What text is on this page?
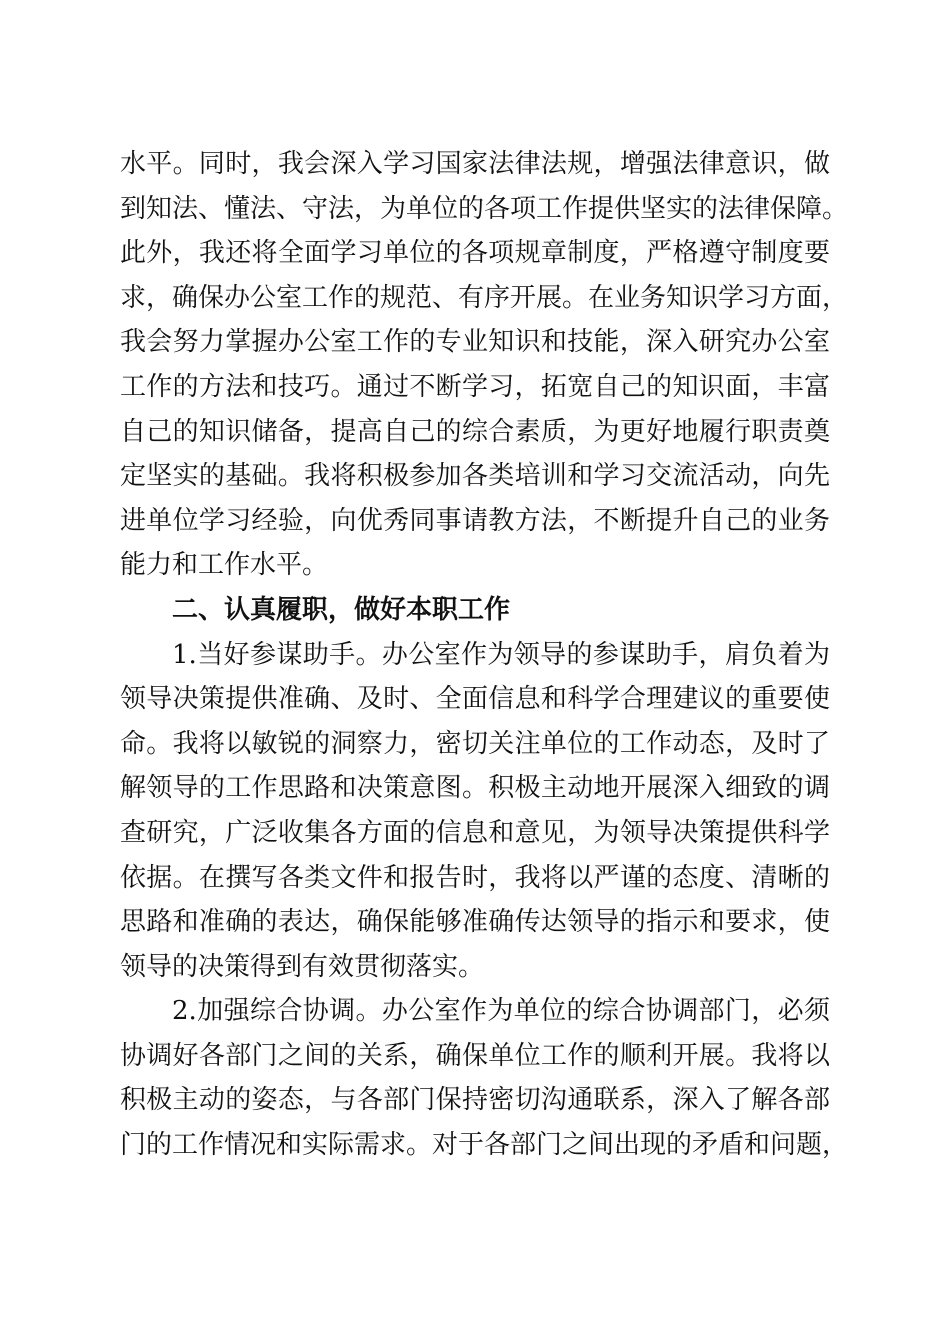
水平。同时，我会深入学习国家法律法规，增强法律意识，做
到知法、懂法、守法，为单位的各项工作提供坚实的法律保障。
此外，我还将全面学习单位的各项规章制度，严格遵守制度要
求，确保办公室工作的规范、有序开展。在业务知识学习方面，
我会努力掌握办公室工作的专业知识和技能，深入研究办公室
工作的方法和技巧。通过不断学习，拓宽自己的知识面，丰富
自己的知识储备，提高自己的综合素质，为更好地履行职责奠
定坚实的基础。我将积极参加各类培训和学习交流活动，向先
进单位学习经验，向优秀同事请教方法，不断提升自己的业务
能力和工作水平。
二、认真履职，做好本职工作
1.当好参谋助手。办公室作为领导的参谋助手，肩负着为
领导决策提供准确、及时、全面信息和科学合理建议的重要使
命。我将以敏锐的洞察力，密切关注单位的工作动态，及时了
解领导的工作思路和决策意图。积极主动地开展深入细致的调
查研究，广泛收集各方面的信息和意见，为领导决策提供科学
依据。在撰写各类文件和报告时，我将以严谨的态度、清晰的
思路和准确的表达，确保能够准确传达领导的指示和要求，使
领导的决策得到有效贯彻落实。
2.加强综合协调。办公室作为单位的综合协调部门，必须
协调好各部门之间的关系，确保单位工作的顺利开展。我将以
积极主动的姿态，与各部门保持密切沟通联系，深入了解各部
门的工作情况和实际需求。对于各部门之间出现的矛盾和问题，
